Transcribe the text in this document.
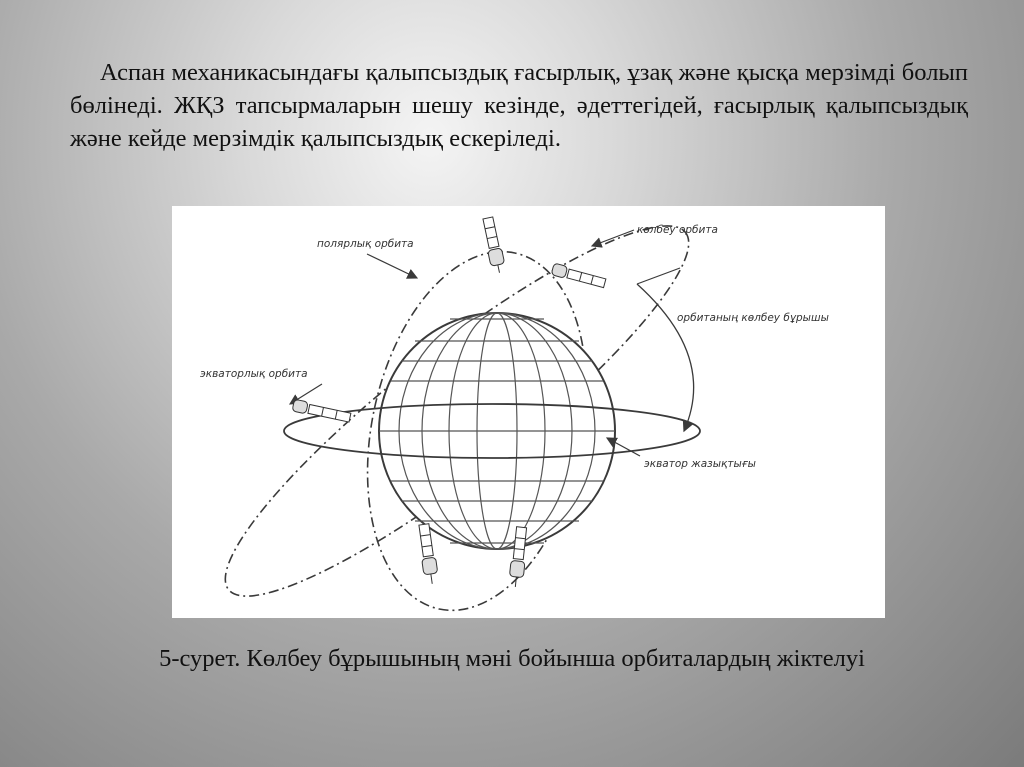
Аспан механикасындағы қалыпсыздық ғасырлық, ұзақ және қысқа мерзімді болып бөлінеді. ЖҚЗ тапсырмаларын шешу кезінде, әдеттегідей, ғасырлық қалыпсыздық және кейде мерзімдік қалыпсыздық ескеріледі.

полярлық орбита
көлбеу орбита
орбитаның көлбеу бұрышы
экваторлық орбита
экватор жазықтығы

5-сурет. Көлбеу бұрышының мәні бойынша орбиталардың жіктелуі
